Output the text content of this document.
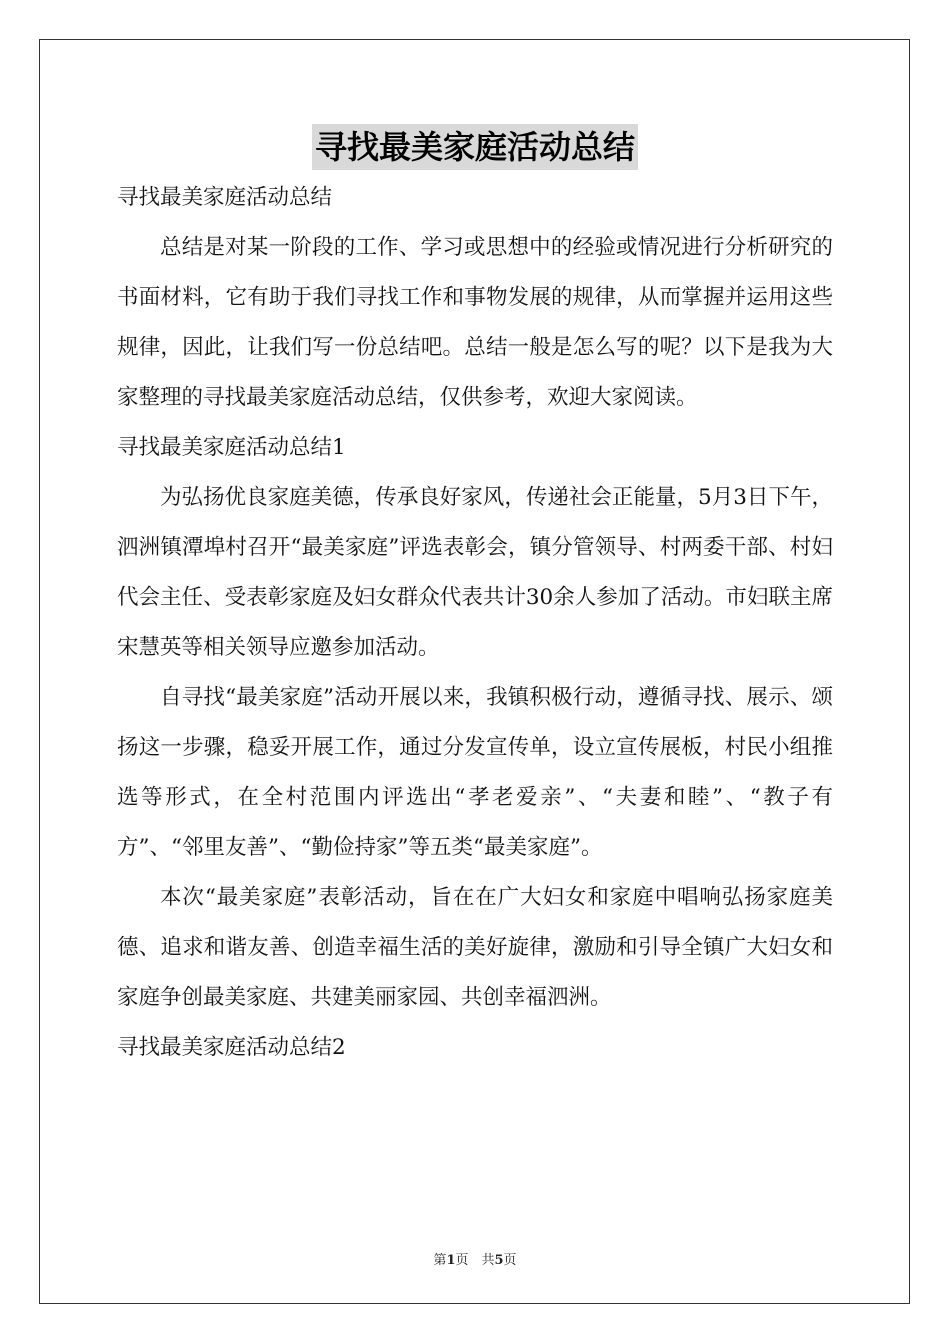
寻找最美家庭活动总结

寻找最美家庭活动总结

总结是对某一阶段的工作、学习或思想中的经验或情况进行分析研究的书面材料，它有助于我们寻找工作和事物发展的规律，从而掌握并运用这些规律，因此，让我们写一份总结吧。总结一般是怎么写的呢？以下是我为大家整理的寻找最美家庭活动总结，仅供参考，欢迎大家阅读。

寻找最美家庭活动总结1

为弘扬优良家庭美德，传承良好家风，传递社会正能量，5月3日下午，泗洲镇潭埠村召开“最美家庭”评选表彰会，镇分管领导、村两委干部、村妇代会主任、受表彰家庭及妇女群众代表共计30余人参加了活动。市妇联主席宋慧英等相关领导应邀参加活动。

自寻找“最美家庭”活动开展以来，我镇积极行动，遵循寻找、展示、颂扬这一步骤，稳妥开展工作，通过分发宣传单，设立宣传展板，村民小组推选等形式，在全村范围内评选出“孝老爱亲”、“夫妻和睦”、“教子有方”、“邻里友善”、“勤俭持家”等五类“最美家庭”。

本次“最美家庭”表彰活动，旨在在广大妇女和家庭中唱响弘扬家庭美德、追求和谐友善、创造幸福生活的美好旋律，激励和引导全镇广大妇女和家庭争创最美家庭、共建美丽家园、共创幸福泗洲。

寻找最美家庭活动总结2

第1页　共5页
